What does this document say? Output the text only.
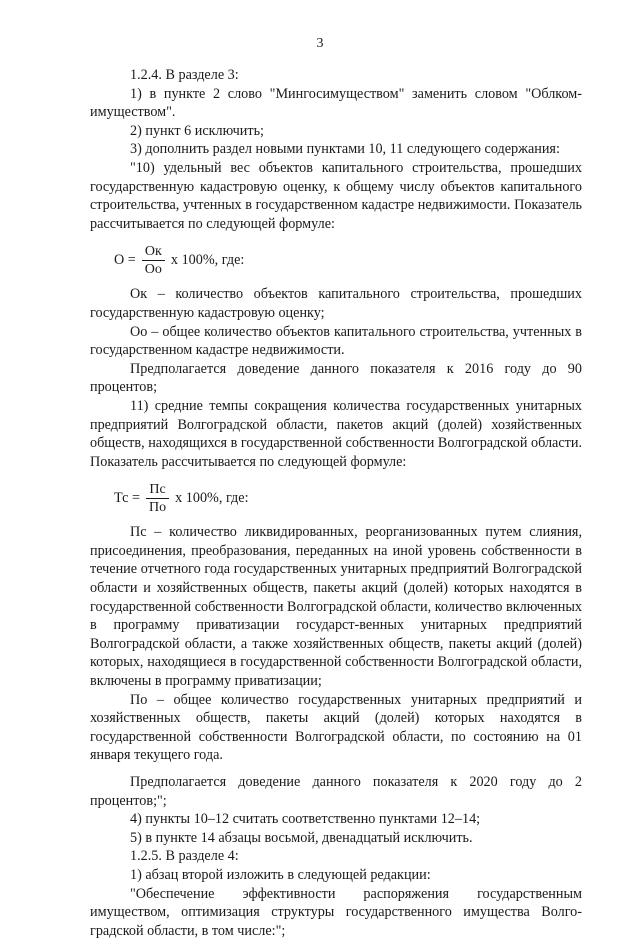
3

1.2.4. В разделе 3:

1) в пункте 2 слово "Мингосимуществом" заменить словом "Облком-имуществом".

2) пункт 6 исключить;

3) дополнить раздел новыми пунктами 10, 11 следующего содержания:

"10) удельный вес объектов капитального строительства, прошедших государственную кадастровую оценку, к общему числу объектов капитального строительства, учтенных в государственном кадастре недвижимости. Показатель рассчитывается по следующей формуле:

$О = \frac{Ок}{Оо}$ х 100%, где:

Ок – количество объектов капитального строительства, прошедших государственную кадастровую оценку;

Оо – общее количество объектов капитального строительства, учтенных в государственном кадастре недвижимости.

Предполагается доведение данного показателя к 2016 году до 90 процентов;

11) средние темпы сокращения количества государственных унитарных предприятий Волгоградской области, пакетов акций (долей) хозяйственных обществ, находящихся в государственной собственности Волгоградской области. Показатель рассчитывается по следующей формуле:

Тс = $\frac{Пс}{По}$ х 100%, где:

Пс – количество ликвидированных, реорганизованных путем слияния, присоединения, преобразования, переданных на иной уровень собственности в течение отчетного года государственных унитарных предприятий Волгоградской области и хозяйственных обществ, пакеты акций (долей) которых находятся в государственной собственности Волгоградской области, количество включенных в программу приватизации государст-венных унитарных предприятий Волгоградской области, а также хозяйственных обществ, пакеты акций (долей) которых, находящиеся в государственной собственности Волгоградской области, включены в программу приватизации;

По – общее количество государственных унитарных предприятий и хозяйственных обществ, пакеты акций (долей) которых находятся в государственной собственности Волгоградской области, по состоянию на 01 января текущего года.

Предполагается доведение данного показателя к 2020 году до 2 процентов;";

4) пункты 10–12 считать соответственно пунктами 12–14;

5) в пункте 14 абзацы восьмой, двенадцатый исключить.

1.2.5. В разделе 4:

1) абзац второй изложить в следующей редакции:

"Обеспечение эффективности распоряжения государственным имуществом, оптимизация структуры государственного имущества Волго-градской области, в том числе:";
